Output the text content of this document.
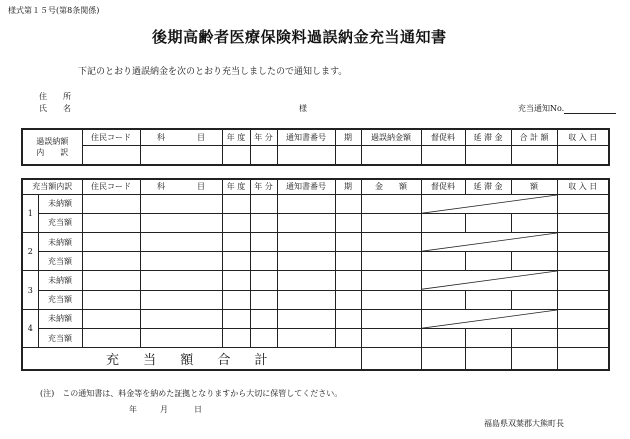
様式第１５号(第8条関係)
後期高齢者医療保険料過誤納金充当通知書
下記のとおり過誤納金を次のとおり充当しましたので通知します。
住　　所
氏　　名	様	充当通知No.
過誤納額
内　　訳	住民コード	科　　　　目	年 度	年 分	通知書番号	期	過誤納金額	督促料	延 滞 金	合 計 額	収 入 日

充当額内訳		住民コード	科　　　　目	年 度	年 分	通知書番号	期	金　　額	督促料	延 滞 金	額	収 入 日
1	未納額								

	充当額											
2	未納額								

	充当額											
3	未納額								

	充当額											
4	未納額								

	充当額											
充 当 額 合 計												
(注)　この通知書は、料金等を納めた証拠となりますから大切に保管してください。
年	月	日
福島県双葉郡大熊町長
